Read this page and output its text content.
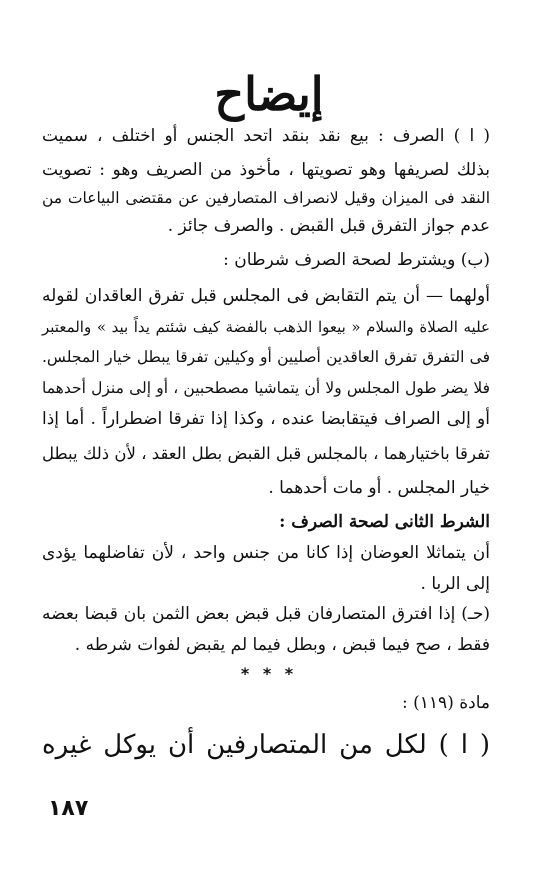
إيضاح
( ا ) الصرف : بيع نقد بنقد اتحد الجنس أو اختلف ، سميت
بذلك لصريفها وهو تصويتها ، مأخوذ من الصريف وهو : تصويت
النقد فى الميزان وقيل لانصراف المتصارفين عن مقتضى البياعات من
عدم جواز التفرق قبل القبض . والصرف جائز .
(ب) ويشترط لصحة الصرف شرطان :
أولهما — أن يتم التقابض فى المجلس قبل تفرق العاقدان لقوله
عليه الصلاة والسلام « بيعوا الذهب بالفضة كيف شئتم يداً بيد » والمعتبر
فى التفرق تفرق العاقدين أصليين أو وكيلين تفرقا يبطل خيار المجلس.
فلا يضر طول المجلس ولا أن يتماشيا مصطحبين ، أو إلى منزل أحدهما
أو إلى الصراف فيتقابضا عنده ، وكذا إذا تفرقا اضطراراً . أما إذا
تفرقا باختيارهما ، بالمجلس قبل القبض بطل العقد ، لأن ذلك يبطل
خيار المجلس . أو مات أحدهما .
الشرط الثانى لصحة الصرف :
أن يتماثلا العوضان إذا كانا من جنس واحد ، لأن تفاضلهما يؤدى
إلى الربا .
(حـ) إذا افترق المتصارفان قبل قبض بعض الثمن بان قبضا بعضه
فقط ، صح فيما قبض ، وبطل فيما لم يقبض لفوات شرطه .
* * *
مادة (١١٩) :
( ا ) لكل من المتصارفين أن يوكل غيره
١٨٧
